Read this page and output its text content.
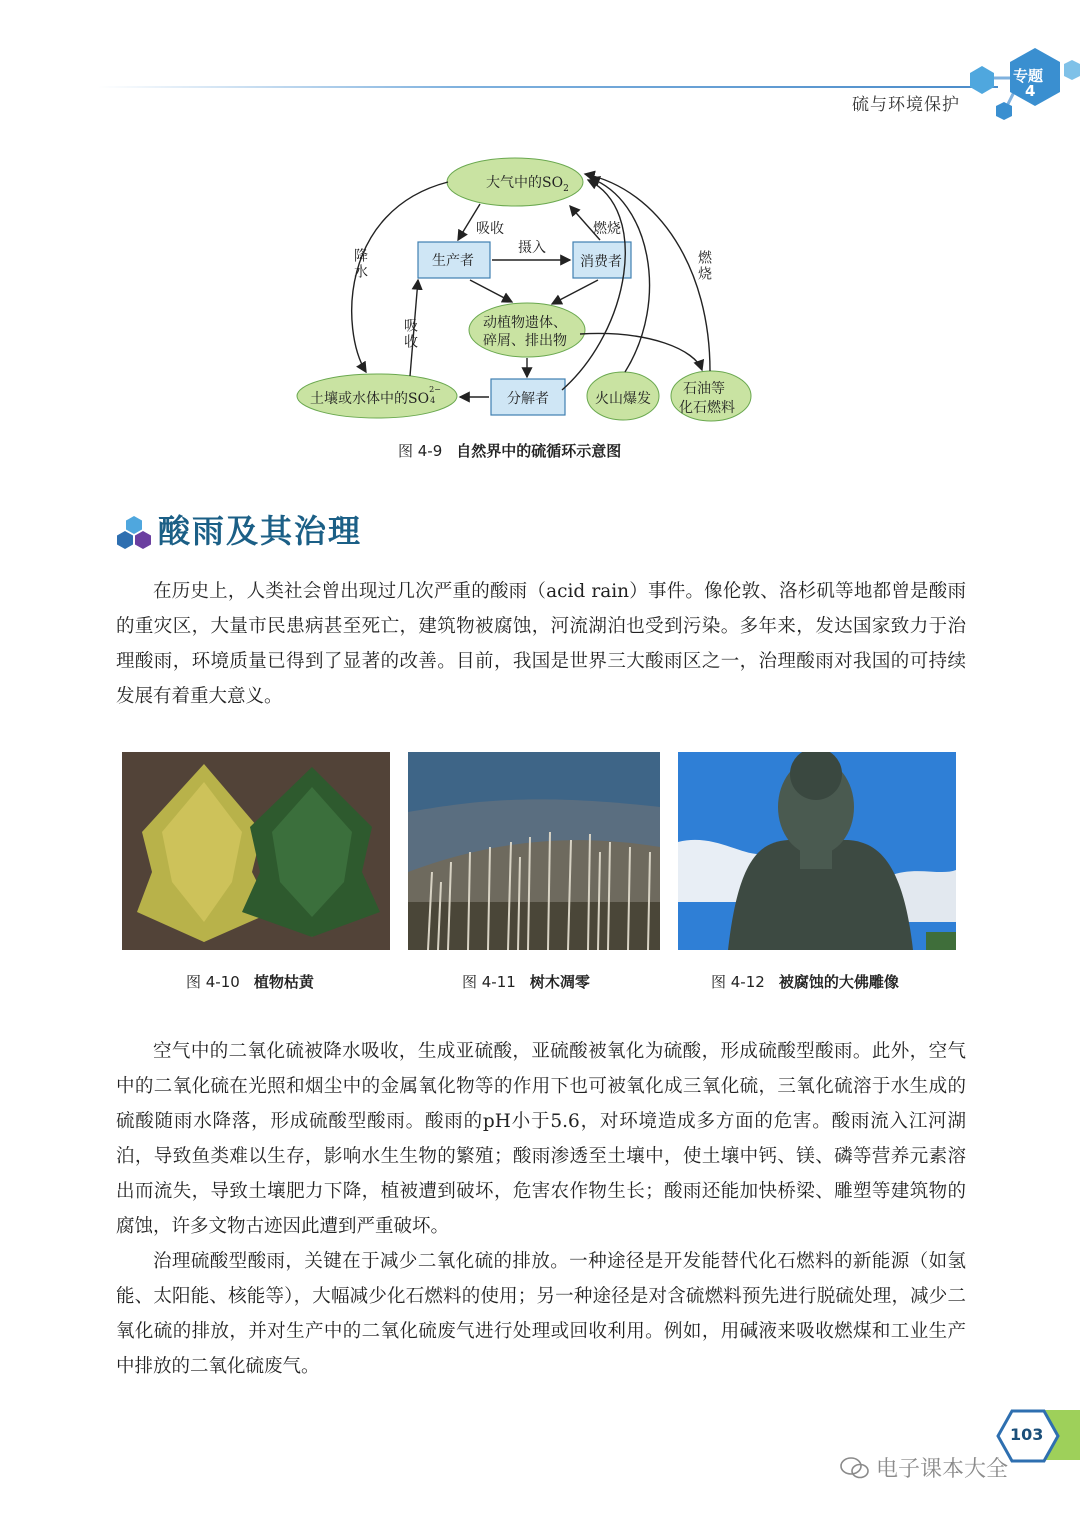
硫与环境保护
专题
4
大气中的$SO_2$
生产者	消费者
动植物遗体、
碎屑、排出物
土壤或水体中的SO
2−
4	分解者	火山爆发
石油等
化石燃料
吸收
摄入
燃烧
燃烧
降水
吸收
图 4-9 自然界中的硫循环示意图
酸雨及其治理
在历史上，人类社会曾出现过几次严重的酸雨（acid rain）事件。像伦敦、洛杉矶等地都曾是酸雨的重灾区，大量市民患病甚至死亡，建筑物被腐蚀，河流湖泊也受到污染。多年来，发达国家致力于治理酸雨，环境质量已得到了显著的改善。目前，我国是世界三大酸雨区之一，治理酸雨对我国的可持续发展有着重大意义。
图 4-10 植物枯黄	图 4-11 树木凋零	图 4-12 被腐蚀的大佛雕像
空气中的二氧化硫被降水吸收，生成亚硫酸，亚硫酸被氧化为硫酸，形成硫酸型酸雨。此外，空气中的二氧化硫在光照和烟尘中的金属氧化物等的作用下也可被氧化成三氧化硫，三氧化硫溶于水生成的硫酸随雨水降落，形成硫酸型酸雨。酸雨的pH小于5.6，对环境造成多方面的危害。酸雨流入江河湖泊，导致鱼类难以生存，影响水生生物的繁殖；酸雨渗透至土壤中，使土壤中钙、镁、磷等营养元素溶出而流失，导致土壤肥力下降，植被遭到破坏，危害农作物生长；酸雨还能加快桥梁、雕塑等建筑物的腐蚀，许多文物古迹因此遭到严重破坏。
治理硫酸型酸雨，关键在于减少二氧化硫的排放。一种途径是开发能替代化石燃料的新能源（如氢能、太阳能、核能等），大幅减少化石燃料的使用；另一种途径是对含硫燃料预先进行脱硫处理，减少二氧化硫的排放，并对生产中的二氧化硫废气进行处理或回收利用。例如，用碱液来吸收燃煤和工业生产中排放的二氧化硫废气。
103
电子课本大全
